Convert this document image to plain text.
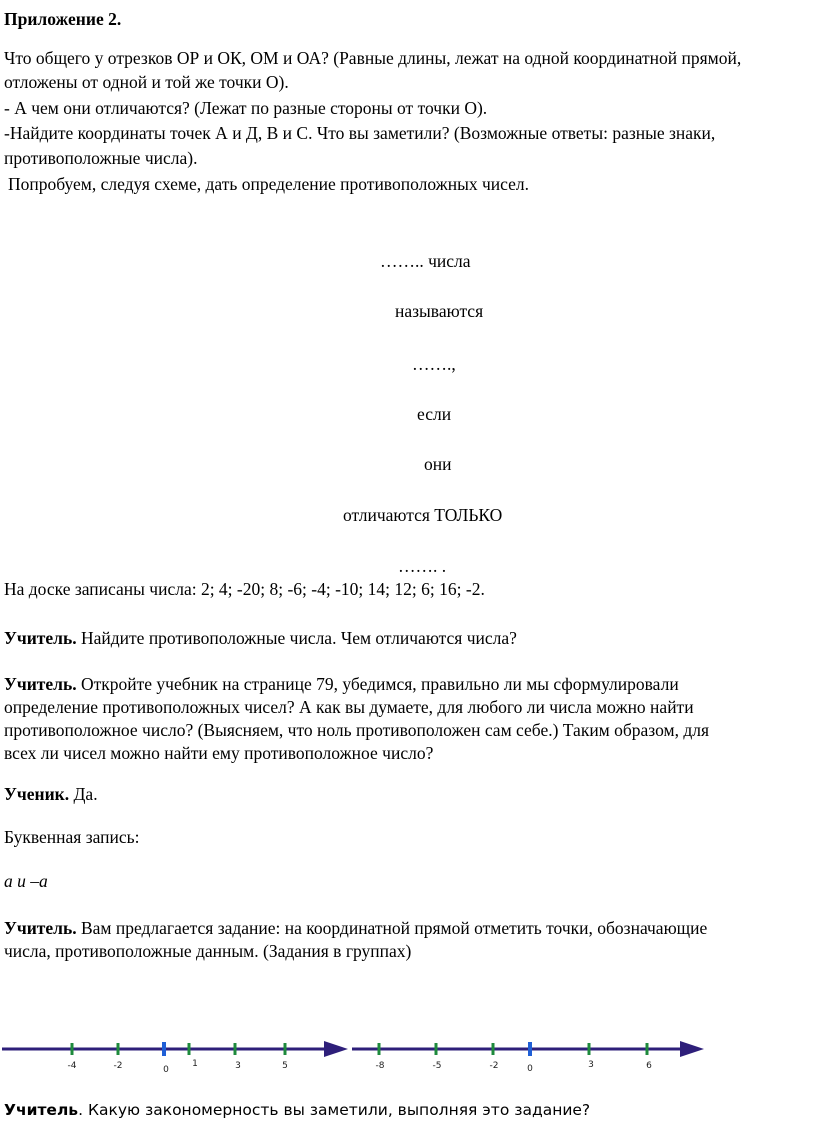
Приложение 2.
Что общего у отрезков ОР и ОК, ОМ и ОА? (Равные длины, лежат на одной координатной прямой,
отложены от одной и той же точки О).
- А чем они отличаются? (Лежат по разные стороны от точки О).
-Найдите координаты точек А и Д, В и С. Что вы заметили? (Возможные ответы: разные знаки,
противоположные числа).
Попробуем, следуя схеме, дать определение противоположных чисел.
…….. числа
называются
…….,
если
они
отличаются ТОЛЬКО
……. .
На доске записаны числа: 2; 4; -20; 8; -6; -4; -10; 14; 12; 6; 16; -2.
Учитель. Найдите противоположные числа. Чем отличаются числа?
Учитель. Откройте учебник на странице 79, убедимся, правильно ли мы сформулировали
определение противоположных чисел? А как вы думаете, для любого ли числа можно найти
противоположное число? (Выясняем, что ноль противоположен сам себе.) Таким образом, для
всех ли чисел можно найти ему противоположное число?
Ученик. Да.
Буквенная запись:
а и –а
Учитель. Вам предлагается задание: на координатной прямой отметить точки, обозначающие
числа, противоположные данным. (Задания в группах)
-4	-2	0
1	3	5	-8	-5	-2	0	3	6
Учитель. Какую закономерность вы заметили, выполняя это задание?
